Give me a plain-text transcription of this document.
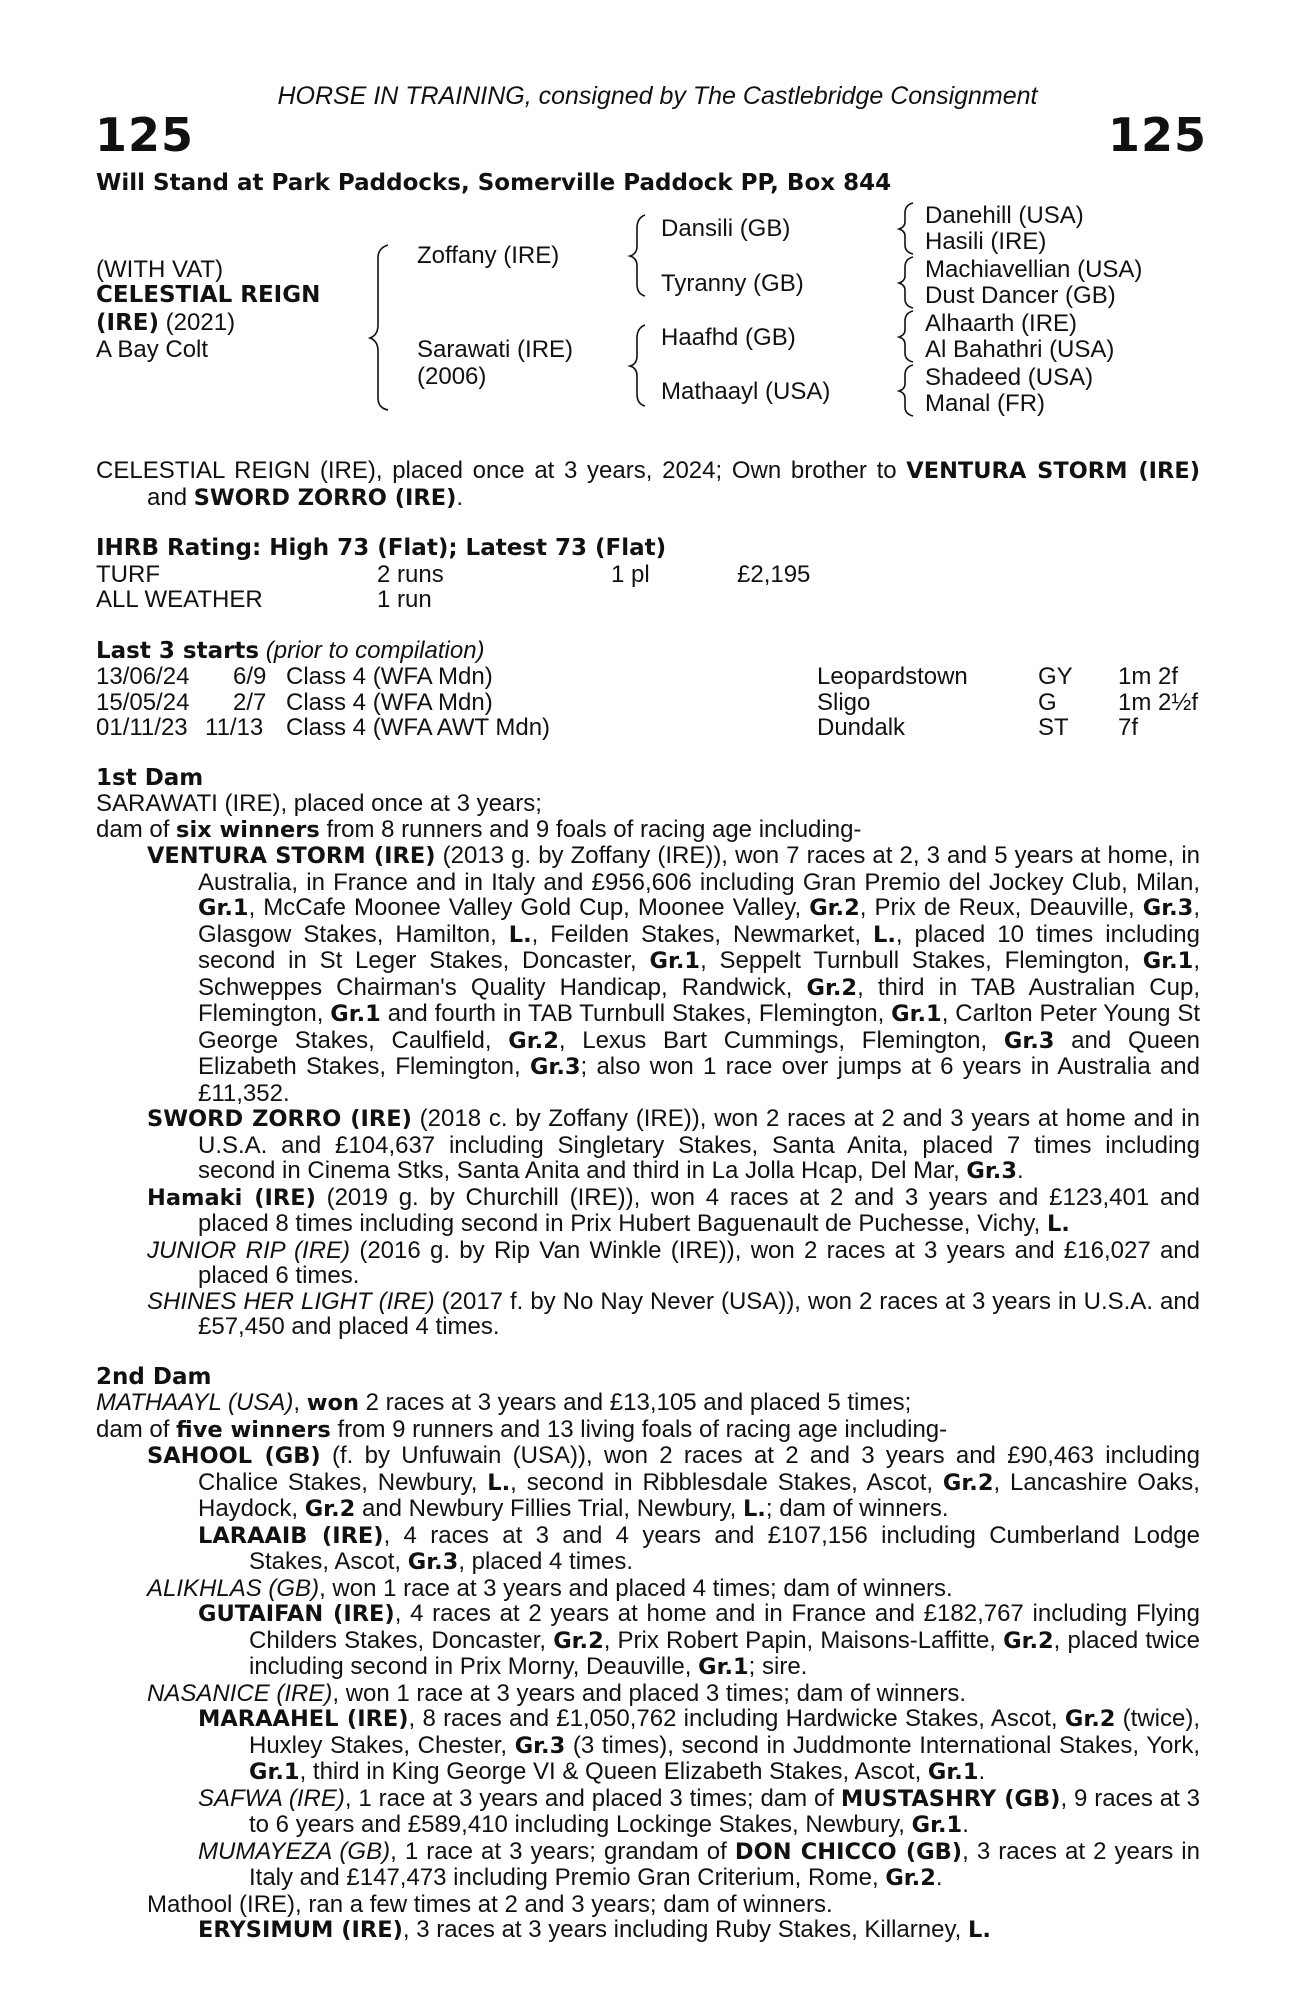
HORSE IN TRAINING, consigned by The Castlebridge Consignment
125	125
Will Stand at Park Paddocks, Somerville Paddock PP, Box 844
(WITH VAT)
CELESTIAL REIGN
(IRE) (2021)
A Bay Colt
Zoffany (IRE)
Sarawati (IRE)
(2006)
Dansili (GB)
Tyranny (GB)
Haafhd (GB)
Mathaayl (USA)
Danehill (USA)
Hasili (IRE)
Machiavellian (USA)
Dust Dancer (GB)
Alhaarth (IRE)
Al Bahathri (USA)
Shadeed (USA)
Manal (FR)

CELESTIAL REIGN (IRE), placed once at 3 years, 2024; Own brother to VENTURA STORM (IRE) and SWORD ZORRO (IRE).

IHRB Rating: High 73 (Flat); Latest 73 (Flat)
TURF	2 runs	1 pl	£2,195
ALL WEATHER	1 run
Last 3 starts (prior to compilation)
13/06/24 6/9 Class 4 (WFA Mdn)	Leopardstown	GY 1m 2f
15/05/24 2/7 Class 4 (WFA Mdn)	Sligo	G	1m 2½f
01/11/23 11/13 Class 4 (WFA AWT Mdn)	Dundalk	ST 7f
1st Dam

SARAWATI (IRE), placed once at 3 years;

dam of six winners from 8 runners and 9 foals of racing age including-

VENTURA STORM (IRE) (2013 g. by Zoffany (IRE)), won 7 races at 2, 3 and 5 years at home, in Australia, in France and in Italy and £956,606 including Gran Premio del Jockey Club, Milan, Gr.1, McCafe Moonee Valley Gold Cup, Moonee Valley, Gr.2, Prix de Reux, Deauville, Gr.3, Glasgow Stakes, Hamilton, L., Feilden Stakes, Newmarket, L., placed 10 times including second in St Leger Stakes, Doncaster, Gr.1, Seppelt Turnbull Stakes, Flemington, Gr.1, Schweppes Chairman's Quality Handicap, Randwick, Gr.2, third in TAB Australian Cup, Flemington, Gr.1 and fourth in TAB Turnbull Stakes, Flemington, Gr.1, Carlton Peter Young St George Stakes, Caulfield, Gr.2, Lexus Bart Cummings, Flemington, Gr.3 and Queen Elizabeth Stakes, Flemington, Gr.3; also won 1 race over jumps at 6 years in Australia and £11,352.

SWORD ZORRO (IRE) (2018 c. by Zoffany (IRE)), won 2 races at 2 and 3 years at home and in U.S.A. and £104,637 including Singletary Stakes, Santa Anita, placed 7 times including second in Cinema Stks, Santa Anita and third in La Jolla Hcap, Del Mar, Gr.3.

Hamaki (IRE) (2019 g. by Churchill (IRE)), won 4 races at 2 and 3 years and £123,401 and placed 8 times including second in Prix Hubert Baguenault de Puchesse, Vichy, L.

JUNIOR RIP (IRE) (2016 g. by Rip Van Winkle (IRE)), won 2 races at 3 years and £16,027 and placed 6 times.

SHINES HER LIGHT (IRE) (2017 f. by No Nay Never (USA)), won 2 races at 3 years in U.S.A. and £57,450 and placed 4 times.

2nd Dam

MATHAAYL (USA), won 2 races at 3 years and £13,105 and placed 5 times;

dam of five winners from 9 runners and 13 living foals of racing age including-

SAHOOL (GB) (f. by Unfuwain (USA)), won 2 races at 2 and 3 years and £90,463 including Chalice Stakes, Newbury, L., second in Ribblesdale Stakes, Ascot, Gr.2, Lancashire Oaks, Haydock, Gr.2 and Newbury Fillies Trial, Newbury, L.; dam of winners.

LARAAIB (IRE), 4 races at 3 and 4 years and £107,156 including Cumberland Lodge Stakes, Ascot, Gr.3, placed 4 times.

ALIKHLAS (GB), won 1 race at 3 years and placed 4 times; dam of winners.

GUTAIFAN (IRE), 4 races at 2 years at home and in France and £182,767 including Flying Childers Stakes, Doncaster, Gr.2, Prix Robert Papin, Maisons-Laffitte, Gr.2, placed twice including second in Prix Morny, Deauville, Gr.1; sire.

NASANICE (IRE), won 1 race at 3 years and placed 3 times; dam of winners.

MARAAHEL (IRE), 8 races and £1,050,762 including Hardwicke Stakes, Ascot, Gr.2 (twice), Huxley Stakes, Chester, Gr.3 (3 times), second in Juddmonte International Stakes, York, Gr.1, third in King George VI & Queen Elizabeth Stakes, Ascot, Gr.1.

SAFWA (IRE), 1 race at 3 years and placed 3 times; dam of MUSTASHRY (GB), 9 races at 3 to 6 years and £589,410 including Lockinge Stakes, Newbury, Gr.1.

MUMAYEZA (GB), 1 race at 3 years; grandam of DON CHICCO (GB), 3 races at 2 years in Italy and £147,473 including Premio Gran Criterium, Rome, Gr.2.

Mathool (IRE), ran a few times at 2 and 3 years; dam of winners.

ERYSIMUM (IRE), 3 races at 3 years including Ruby Stakes, Killarney, L.
